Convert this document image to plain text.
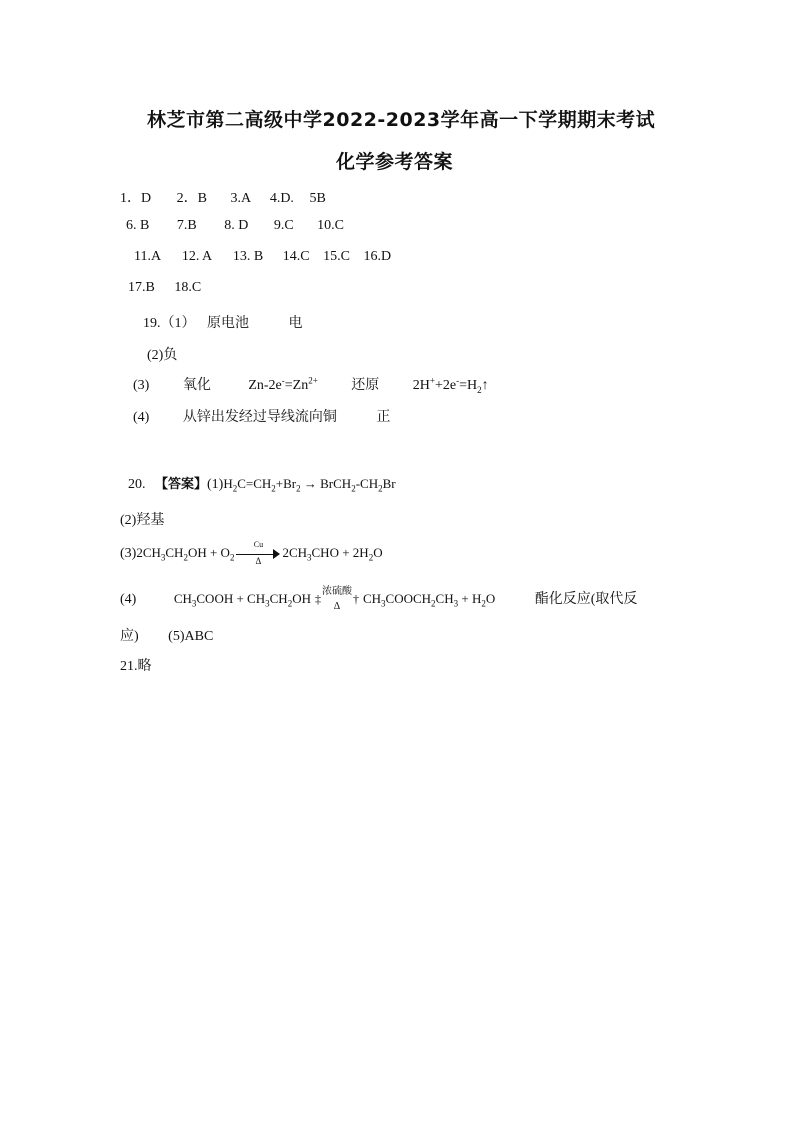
林芝市第二高级中学2022-2023学年高一下学期期末考试
化学参考答案
1．D 2．B 3.A 4.D. 5B
6. B 7.B 8. D 9.C 10.C
11.A 12. A 13. B 14.C 15.C 16.D
17.B 18.C
19.（1） 原电池	电
(2)负
(3) 氧化	$Zn-2e^-=Zn^{2+}$ 还原 $2H^++2e^-=H_2↑$
(4) 从锌出发经过导线流向铜	正
20. 【答案】$(1)H_2C=CH_2+Br_2$ → $BrCH_2-CH_2Br$
(2)羟基
$(3)2CH_3CH_2OH + O_2 \frac{Cu}{\Delta} 2CH_3CHO + 2H_2O$
(4)	$CH_3COOH + CH_3CH_2OH$ ‡
浓硫酸
Δ
† $CH_3COOCH_2CH_3 + H_2O$	酯化反应(取代反
应) (5)ABC
21.略
